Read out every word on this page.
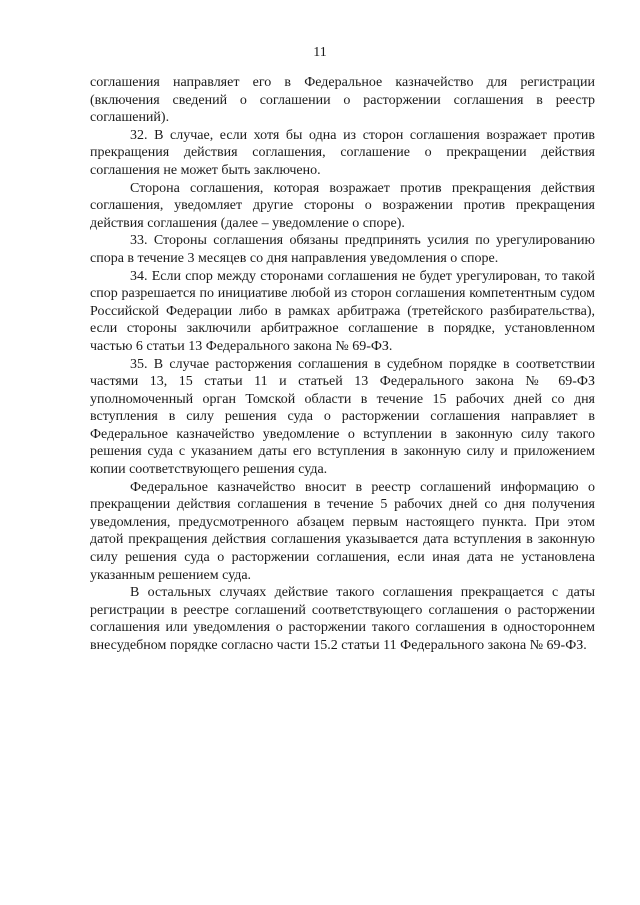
11

соглашения направляет его в Федеральное казначейство для регистрации (включения сведений о соглашении о расторжении соглашения в реестр соглашений).

32. В случае, если хотя бы одна из сторон соглашения возражает против прекращения действия соглашения, соглашение о прекращении действия соглашения не может быть заключено.

Сторона соглашения, которая возражает против прекращения действия соглашения, уведомляет другие стороны о возражении против прекращения действия соглашения (далее – уведомление о споре).

33. Стороны соглашения обязаны предпринять усилия по урегулированию спора в течение 3 месяцев со дня направления уведомления о споре.

34. Если спор между сторонами соглашения не будет урегулирован, то такой спор разрешается по инициативе любой из сторон соглашения компетентным судом Российской Федерации либо в рамках арбитража (третейского разбирательства), если стороны заключили арбитражное соглашение в порядке, установленном частью 6 статьи 13 Федерального закона № 69-ФЗ.

35. В случае расторжения соглашения в судебном порядке в соответствии частями 13, 15 статьи 11 и статьей 13 Федерального закона № 69-ФЗ уполномоченный орган Томской области в течение 15 рабочих дней со дня вступления в силу решения суда о расторжении соглашения направляет в Федеральное казначейство уведомление о вступлении в законную силу такого решения суда с указанием даты его вступления в законную силу и приложением копии соответствующего решения суда.

Федеральное казначейство вносит в реестр соглашений информацию о прекращении действия соглашения в течение 5 рабочих дней со дня получения уведомления, предусмотренного абзацем первым настоящего пункта. При этом датой прекращения действия соглашения указывается дата вступления в законную силу решения суда о расторжении соглашения, если иная дата не установлена указанным решением суда.

В остальных случаях действие такого соглашения прекращается с даты регистрации в реестре соглашений соответствующего соглашения о расторжении соглашения или уведомления о расторжении такого соглашения в одностороннем внесудебном порядке согласно части 15.2 статьи 11 Федерального закона № 69-ФЗ.
